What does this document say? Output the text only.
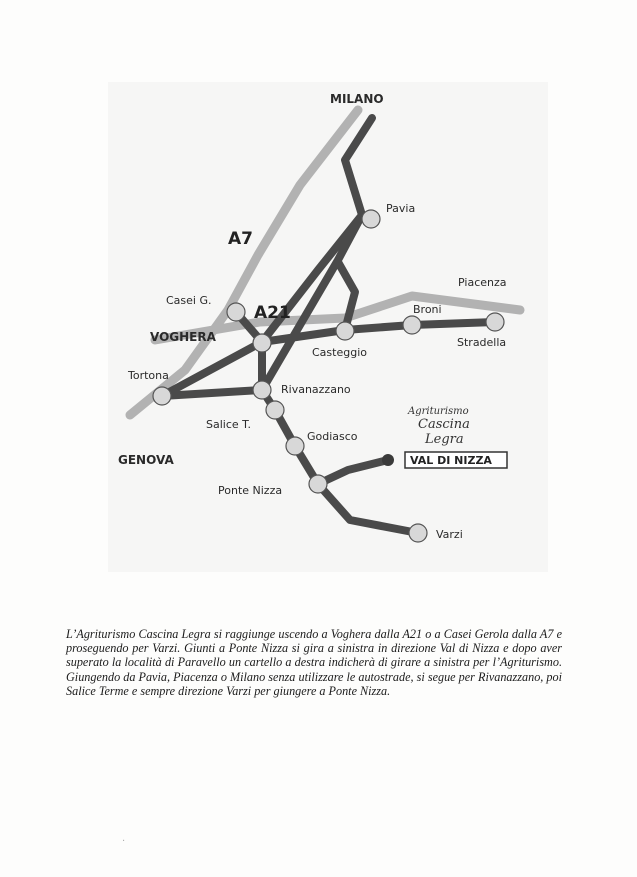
MILANO
Pavia
Piacenza
Casei G.
VOGHERA
Broni
Stradella
Casteggio
Tortona
Rivanazzano
Salice T.
Godiasco
GENOVA
Ponte Nizza
Varzi
A7
A21
Agriturismo
Cascina
Legra
VAL DI NIZZA
L’Agriturismo Cascina Legra si raggiunge uscendo a Voghera dalla A21 o a Casei Gerola dalla A7 e proseguendo per Varzi. Giunti a Ponte Nizza si gira a sinistra in direzione Val di Nizza e dopo aver superato la località di Paravello un cartello a destra indicherà di girare a sinistra per l’Agriturismo. Giungendo da Pavia, Piacenza o Milano senza utilizzare le autostrade, si segue per Rivanazzano, poi Salice Terme e sempre direzione Varzi per giungere a Ponte Nizza.
·
